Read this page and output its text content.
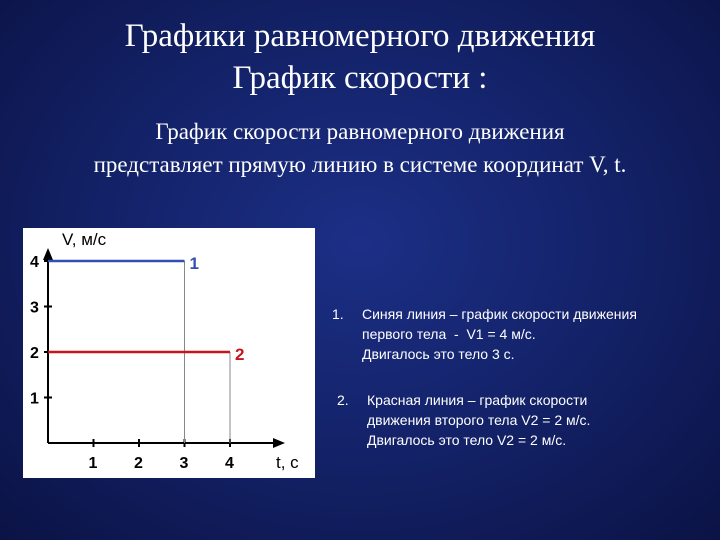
Графики равномерного движения
График скорости :
График скорости равномерного движения
представляет прямую линию в системе координат V, t.
V, м/с
t, c
1 2 3 4
1
2
3
4	1
2

1.

Синяя линия – график скорости движения

первого тела  -  V1 = 4 м/с.

Двигалось это тело 3 с.

2.

Красная линия – график скорости

движения второго тела V2 = 2 м/с.

Двигалось это тело V2 = 2 м/с.
